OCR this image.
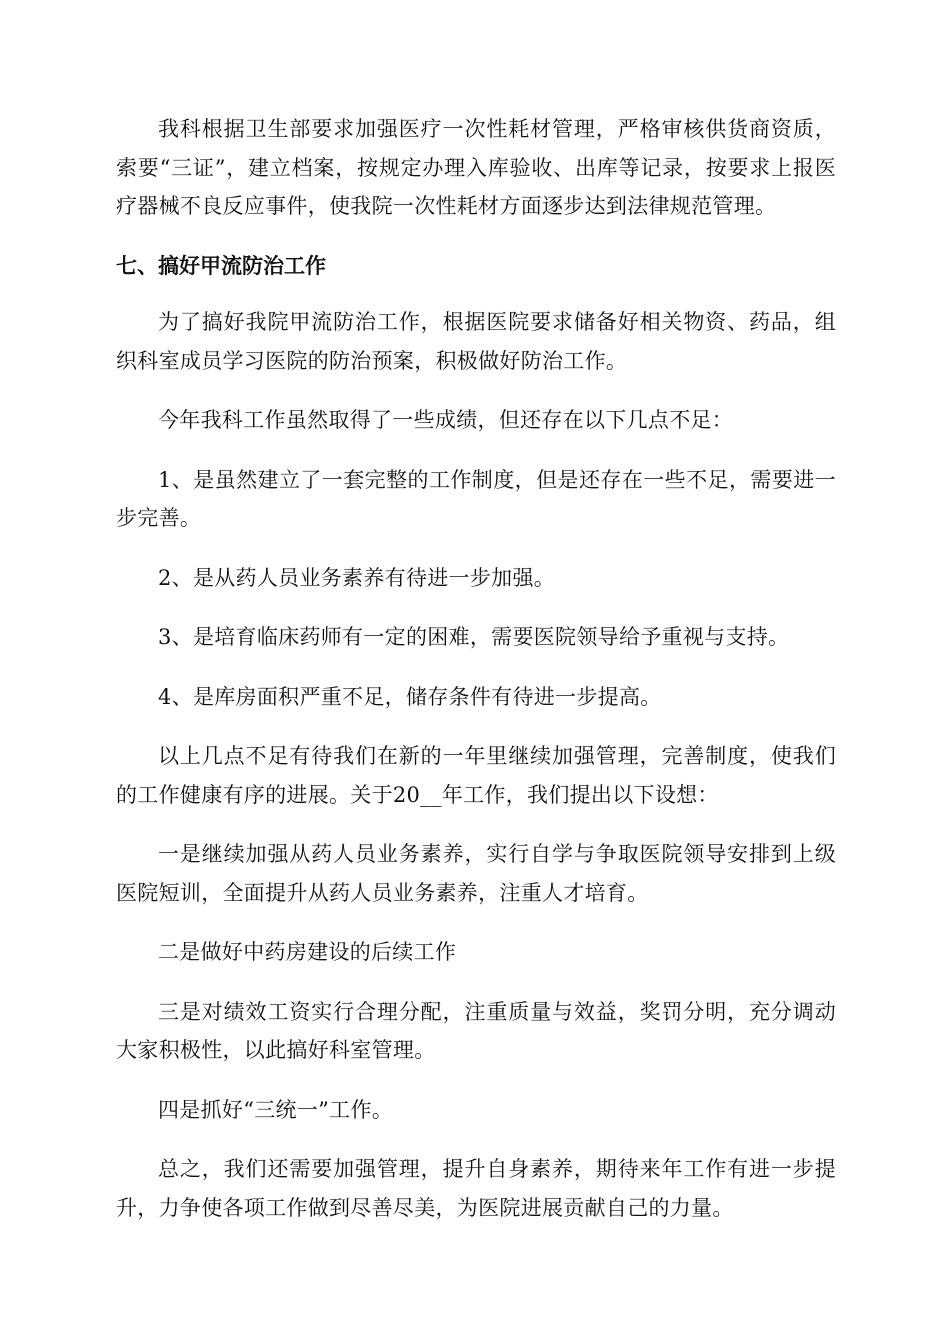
我科根据卫生部要求加强医疗一次性耗材管理，严格审核供货商资质，索要“三证”，建立档案，按规定办理入库验收、出库等记录，按要求上报医疗器械不良反应事件，使我院一次性耗材方面逐步达到法律规范管理。

七、搞好甲流防治工作

为了搞好我院甲流防治工作，根据医院要求储备好相关物资、药品，组织科室成员学习医院的防治预案，积极做好防治工作。

今年我科工作虽然取得了一些成绩，但还存在以下几点不足：

1、是虽然建立了一套完整的工作制度，但是还存在一些不足，需要进一步完善。

2、是从药人员业务素养有待进一步加强。

3、是培育临床药师有一定的困难，需要医院领导给予重视与支持。

4、是库房面积严重不足，储存条件有待进一步提高。

以上几点不足有待我们在新的一年里继续加强管理，完善制度，使我们的工作健康有序的进展。关于20__年工作，我们提出以下设想：

一是继续加强从药人员业务素养，实行自学与争取医院领导安排到上级医院短训，全面提升从药人员业务素养，注重人才培育。

二是做好中药房建设的后续工作

三是对绩效工资实行合理分配，注重质量与效益，奖罚分明，充分调动大家积极性，以此搞好科室管理。

四是抓好“三统一”工作。

总之，我们还需要加强管理，提升自身素养，期待来年工作有进一步提升，力争使各项工作做到尽善尽美，为医院进展贡献自己的力量。
